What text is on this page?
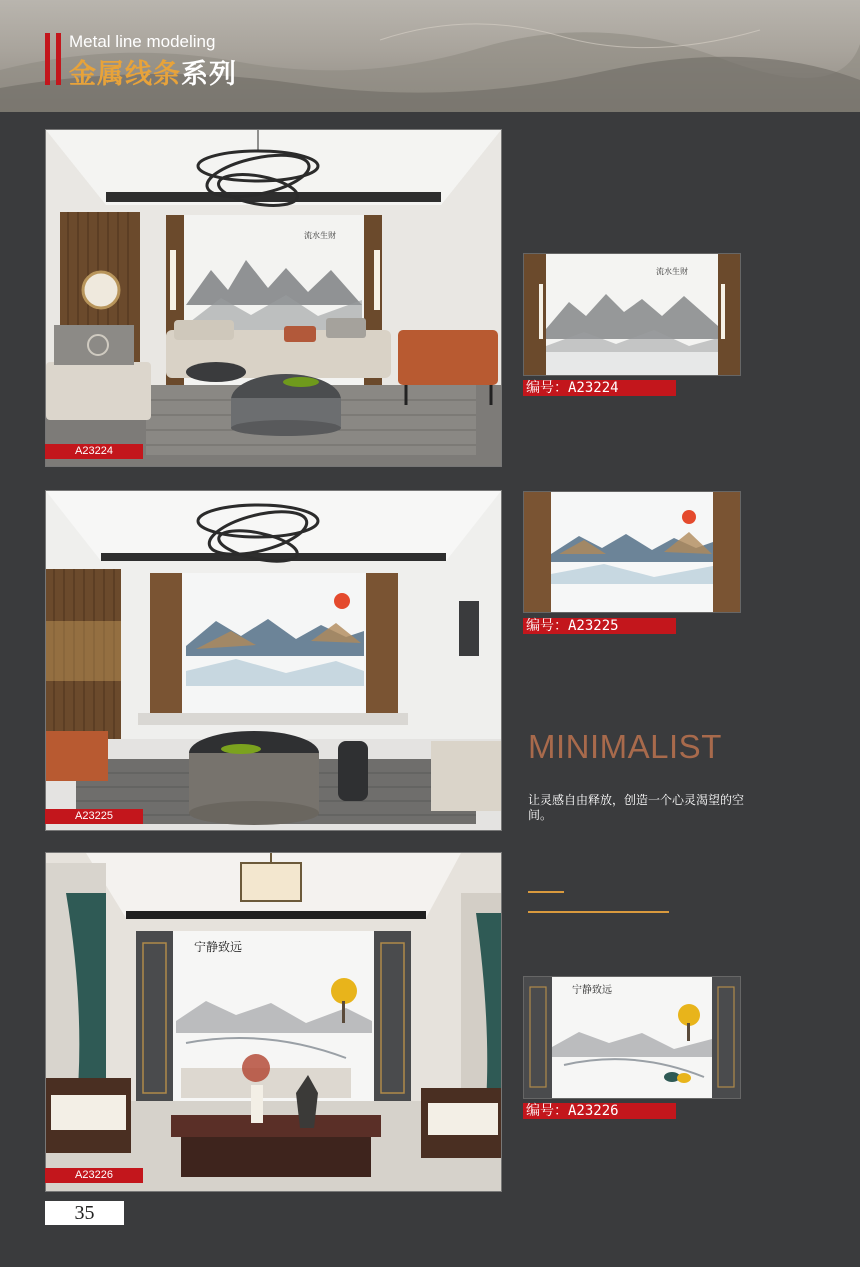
Metal line modeling
金属线条系列
流水生财
A23224
流水生财
编号：A23224
A23225
编号：A23225
MINIMALIST
让灵感自由释放，创造一个心灵渴望的空间。
宁静致远
A23226
宁静致远
编号：A23226
35
